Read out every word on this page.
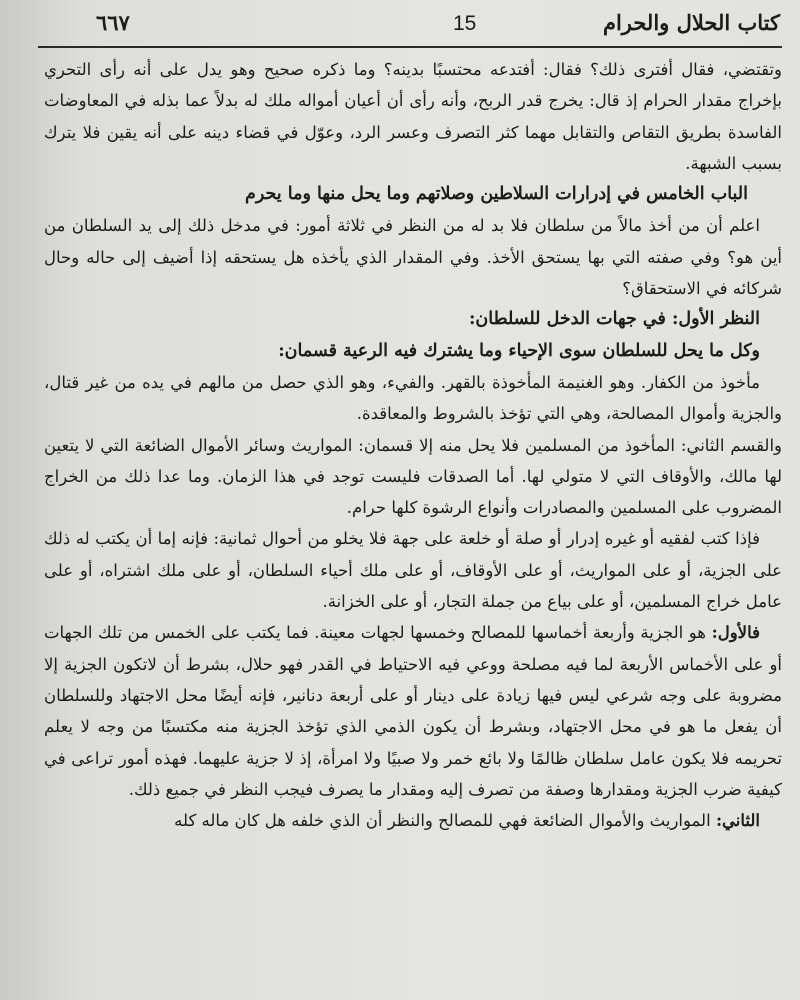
كتاب الحلال والحرام
15
٦٦٧

وتقتضي، فقال أفترى ذلك؟ فقال: أفتدعه محتسبًا بدينه؟ وما ذكره صحيح وهو يدل على أنه رأى التحري بإخراج مقدار الحرام إذ قال: يخرج قدر الربح، وأنه رأى أن أعيان أمواله ملك له بدلاً عما بذله في المعاوضات الفاسدة بطريق التقاص والتقابل مهما كثر التصرف وعسر الرد، وعوّل في قضاء دينه على أنه يقين فلا يترك بسبب الشبهة.

الباب الخامس في إدرارات السلاطين وصلاتهم وما يحل منها وما يحرم

اعلم أن من أخذ مالاً من سلطان فلا بد له من النظر في ثلاثة أمور: في مدخل ذلك إلى يد السلطان من أين هو؟ وفي صفته التي بها يستحق الأخذ. وفي المقدار الذي يأخذه هل يستحقه إذا أضيف إلى حاله وحال شركائه في الاستحقاق؟

النظر الأول: في جهات الدخل للسلطان:

وكل ما يحل للسلطان سوى الإحياء وما يشترك فيه الرعية قسمان:

مأخوذ من الكفار. وهو الغنيمة المأخوذة بالقهر. والفيء، وهو الذي حصل من مالهم في يده من غير قتال، والجزية وأموال المصالحة، وهي التي تؤخذ بالشروط والمعاقدة.

والقسم الثاني: المأخوذ من المسلمين فلا يحل منه إلا قسمان: المواريث وسائر الأموال الضائعة التي لا يتعين لها مالك، والأوقاف التي لا متولي لها. أما الصدقات فليست توجد في هذا الزمان. وما عدا ذلك من الخراج المضروب على المسلمين والمصادرات وأنواع الرشوة كلها حرام.

فإذا كتب لفقيه أو غيره إدرار أو صلة أو خلعة على جهة فلا يخلو من أحوال ثمانية: فإنه إما أن يكتب له ذلك على الجزية، أو على المواريث، أو على الأوقاف، أو على ملك أحياء السلطان، أو على ملك اشتراه، أو على عامل خراج المسلمين، أو على بياع من جملة التجار، أو على الخزانة.

فالأول: هو الجزية وأربعة أخماسها للمصالح وخمسها لجهات معينة. فما يكتب على الخمس من تلك الجهات أو على الأخماس الأربعة لما فيه مصلحة ووعي فيه الاحتياط في القدر فهو حلال، بشرط أن لاتكون الجزية إلا مضروبة على وجه شرعي ليس فيها زيادة على دينار أو على أربعة دنانير، فإنه أيضًا محل الاجتهاد وللسلطان أن يفعل ما هو في محل الاجتهاد، وبشرط أن يكون الذمي الذي تؤخذ الجزية منه مكتسبًا من وجه لا يعلم تحريمه فلا يكون عامل سلطان ظالمًا ولا بائع خمر ولا صبيًا ولا امرأة، إذ لا جزية عليهما. فهذه أمور تراعى في كيفية ضرب الجزية ومقدارها وصفة من تصرف إليه ومقدار ما يصرف فيجب النظر في جميع ذلك.

الثاني: المواريث والأموال الضائعة فهي للمصالح والنظر أن الذي خلفه هل كان ماله كله
